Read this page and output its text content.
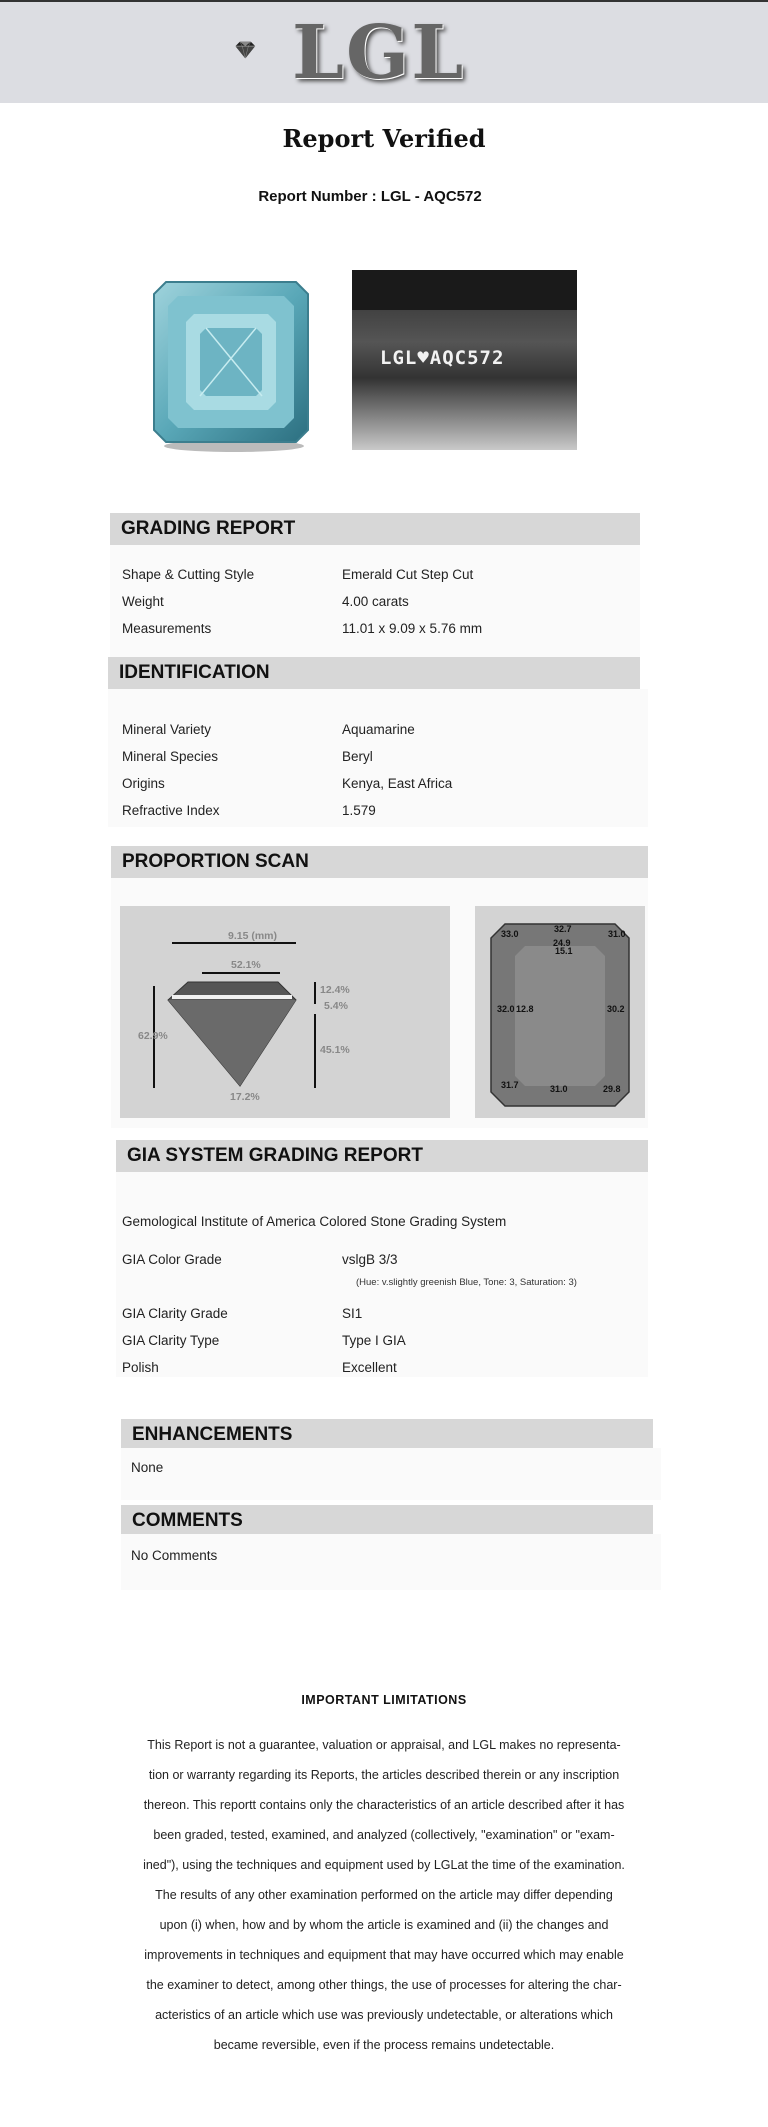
LGL
Report Verified
Report Number : LGL - AQC572
LGL♥AQC572
GRADING REPORT
Shape & Cutting Style	Emerald Cut Step Cut
Weight	4.00 carats
Measurements	11.01 x 9.09 x 5.76 mm
IDENTIFICATION
Mineral Variety	Aquamarine
Mineral Species	Beryl
Origins	Kenya, East Africa
Refractive Index	1.579
PROPORTION SCAN
9.15 (mm)
52.1%
62.9%
12.4%
5.4%
45.1%
17.2%
33.0	32.7	31.0
24.9
15.1
32.0 12.8	30.2
31.7	31.0	29.8
GIA SYSTEM GRADING REPORT
Gemological Institute of America Colored Stone Grading System
GIA Color Grade	vslgB 3/3
(Hue: v.slightly greenish Blue, Tone: 3, Saturation: 3)
GIA Clarity Grade	SI1
GIA Clarity Type	Type I GIA
Polish	Excellent
ENHANCEMENTS
None
COMMENTS
No Comments
IMPORTANT LIMITATIONS
This Report is not a guarantee, valuation or appraisal, and LGL makes no representa-
tion or warranty regarding its Reports, the articles described therein or any inscription
thereon. This reportt contains only the characteristics of an article described after it has
been graded, tested, examined, and analyzed (collectively, "examination" or "exam-
ined"), using the techniques and equipment used by LGLat the time of the examination.
The results of any other examination performed on the article may differ depending
upon (i) when, how and by whom the article is examined and (ii) the changes and
improvements in techniques and equipment that may have occurred which may enable
the examiner to detect, among other things, the use of processes for altering the char-
acteristics of an article which use was previously undetectable, or alterations which
became reversible, even if the process remains undetectable.
